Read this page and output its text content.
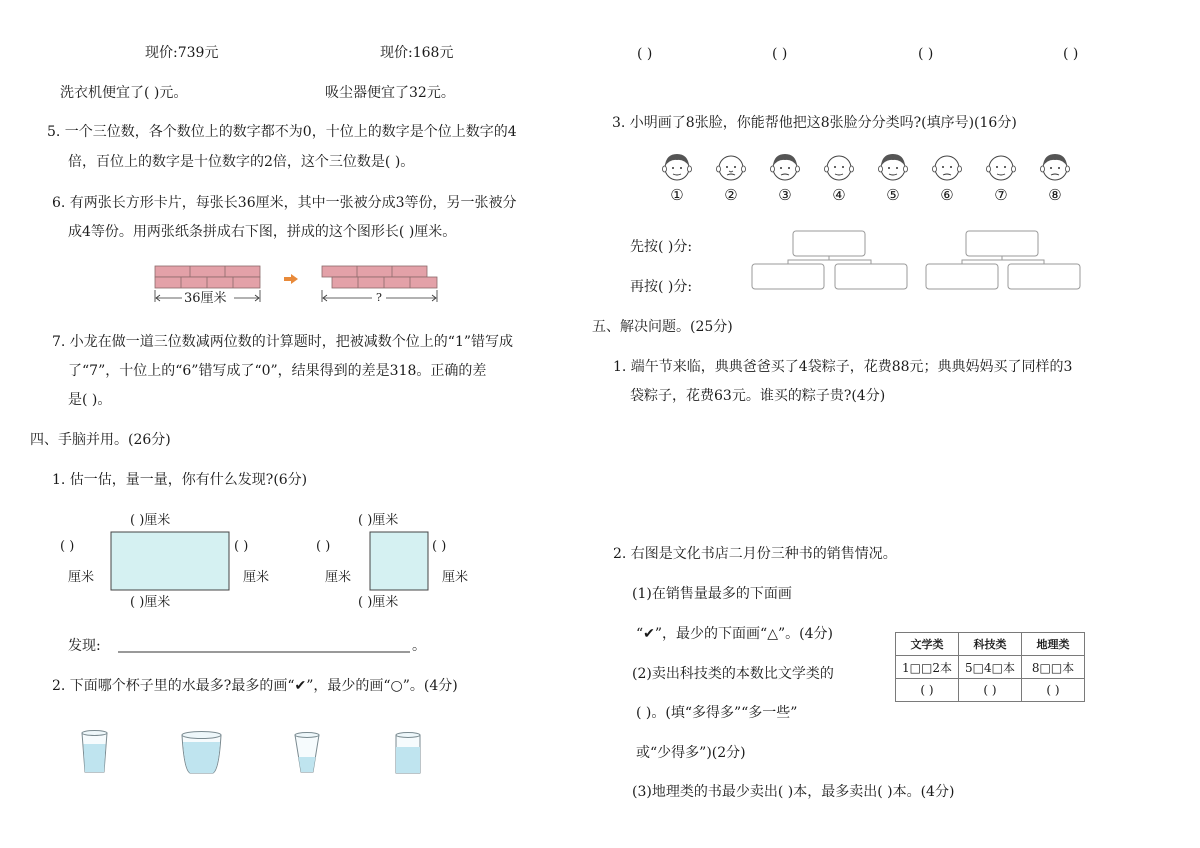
现价:739元	现价:168元
洗衣机便宜了( )元。	吸尘器便宜了32元。
5. 一个三位数，各个数位上的数字都不为0，十位上的数字是个位上数字的4
倍，百位上的数字是十位数字的2倍，这个三位数是( )。
6. 有两张长方形卡片，每张长36厘米，其中一张被分成3等份，另一张被分
成4等份。用两张纸条拼成右下图，拼成的这个图形长( )厘米。
36厘米	?
7. 小龙在做一道三位数减两位数的计算题时，把被减数个位上的“1”错写成
了“7”，十位上的“6”错写成了“0”，结果得到的差是318。正确的差
是( )。
四、手脑并用。(26分)
1. 估一估，量一量，你有什么发现?(6分)
( )厘米
( )厘米
( )
厘米
( )
厘米
( )厘米
( )厘米
( )
厘米
( )
厘米
发现:	。
2. 下面哪个杯子里的水最多?最多的画“✔”，最少的画“○”。(4分)
( )	( )	( )	( )
3. 小明画了8张脸，你能帮他把这8张脸分分类吗?(填序号)(16分)
①	②	③	④	⑤	⑥	⑦	⑧
先按( )分:
再按( )分:
五、解决问题。(25分)
1. 端午节来临，典典爸爸买了4袋粽子，花费88元；典典妈妈买了同样的3
袋粽子，花费63元。谁买的粽子贵?(4分)
2. 右图是文化书店二月份三种书的销售情况。
(1)在销售量最多的下面画
“✔”，最少的下面画“△”。(4分)
(2)卖出科技类的本数比文学类的
( )。(填“多得多”“多一些”
或“少得多”)(2分)
(3)地理类的书最少卖出( )本，最多卖出( )本。(4分)
文学类	科技类	地理类
1□□2本	5□4□本	8□□本
( )	( )	( )
